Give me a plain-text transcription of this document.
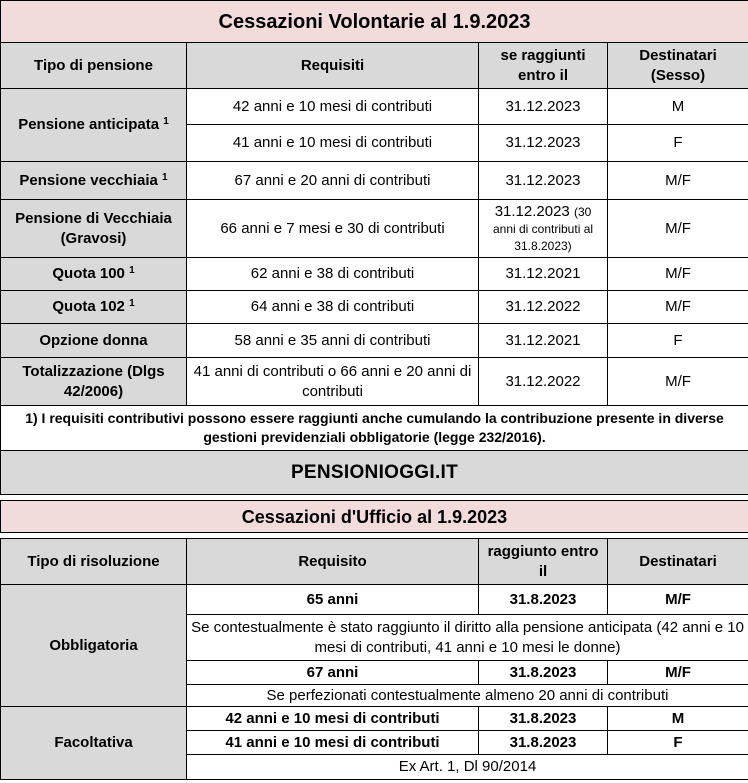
Cessazioni Volontarie al 1.9.2023			
Tipo di pensione	Requisiti	se raggiunti entro il	Destinatari (Sesso)
Pensione anticipata $^1$	42 anni e 10 mesi di contributi	31.12.2023	M
	41 anni e 10 mesi di contributi	31.12.2023	F
Pensione vecchiaia $^1$	67 anni e 20 anni di contributi	31.12.2023	M/F
Pensione di Vecchiaia (Gravosi)	66 anni e 7 mesi e 30 di contributi	31.12.2023 (30 anni di contributi al 31.8.2023)	M/F
Quota 100 $^1$	62 anni e 38 di contributi	31.12.2021	M/F
Quota 102 $^1$	64 anni e 38 di contributi	31.12.2022	M/F
Opzione donna	58 anni e 35 anni di contributi	31.12.2021	F
Totalizzazione (Dlgs 42/2006)	41 anni di contributi o 66 anni e 20 anni di contributi	31.12.2022	M/F
1) I requisiti contributivi possono essere raggiunti anche cumulando la contribuzione presente in diverse gestioni previdenziali obbligatorie (legge 232/2016).			
PENSIONIOGGI.IT			

Cessazioni d'Ufficio al 1.9.2023			

Tipo di risoluzione	Requisito	raggiunto entro il	Destinatari
Obbligatoria	65 anni	31.8.2023	M/F
	Se contestualmente è stato raggiunto il diritto alla pensione anticipata (42 anni e 10 mesi di contributi, 41 anni e 10 mesi le donne)		
	67 anni	31.8.2023	M/F
	Se perfezionati contestualmente almeno 20 anni di contributi		
Facoltativa	42 anni e 10 mesi di contributi	31.8.2023	M
	41 anni e 10 mesi di contributi	31.8.2023	F
	Ex Art. 1, Dl 90/2014		
